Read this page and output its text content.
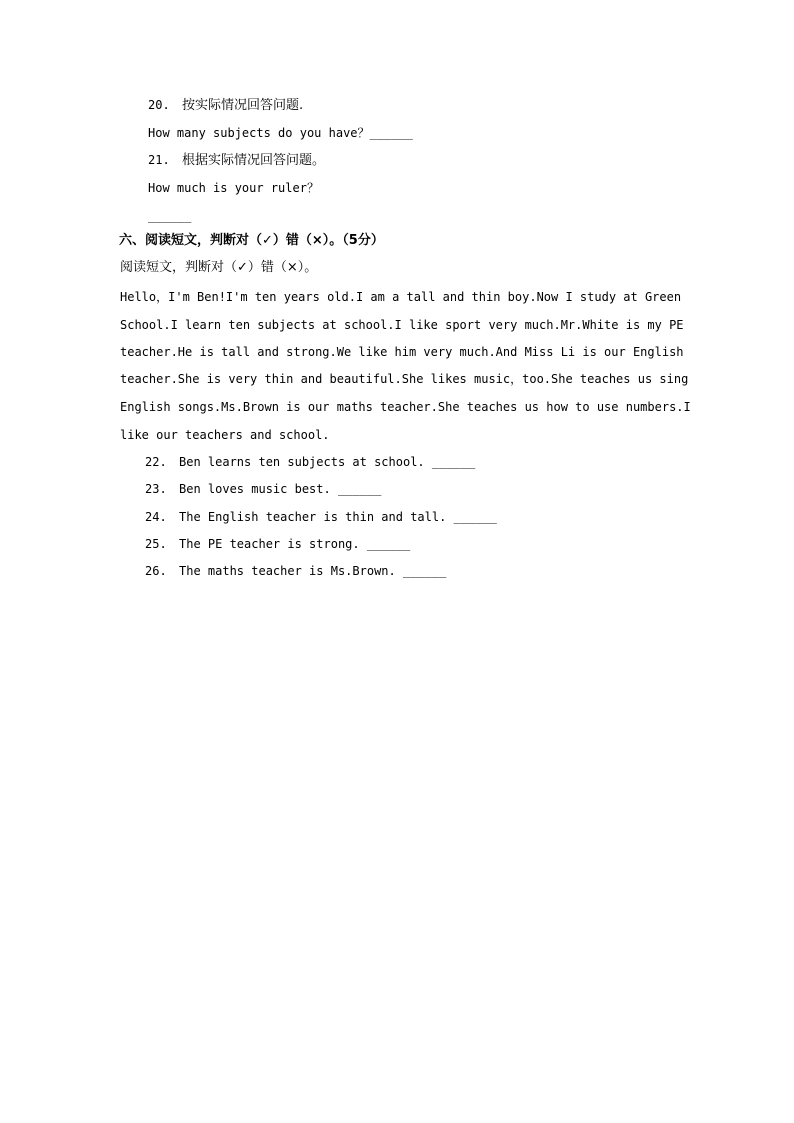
20. 按实际情况回答问题.
How many subjects do you have？______
21. 根据实际情况回答问题。
How much is your ruler？
______
六、阅读短文，判断对（✓）错（×）。（5分）
阅读短文，判断对（✓）错（×）。
Hello，I'm Ben!I'm ten years old.I am a tall and thin boy.Now I study at Green
School.I learn ten subjects at school.I like sport very much.Mr.White is my PE
teacher.He is tall and strong.We like him very much.And Miss Li is our English
teacher.She is very thin and beautiful.She likes music，too.She teaches us sing
English songs.Ms.Brown is our maths teacher.She teaches us how to use numbers.I
like our teachers and school.
22. Ben learns ten subjects at school. ______
23. Ben loves music best. ______
24. The English teacher is thin and tall. ______
25. The PE teacher is strong. ______
26. The maths teacher is Ms.Brown. ______
